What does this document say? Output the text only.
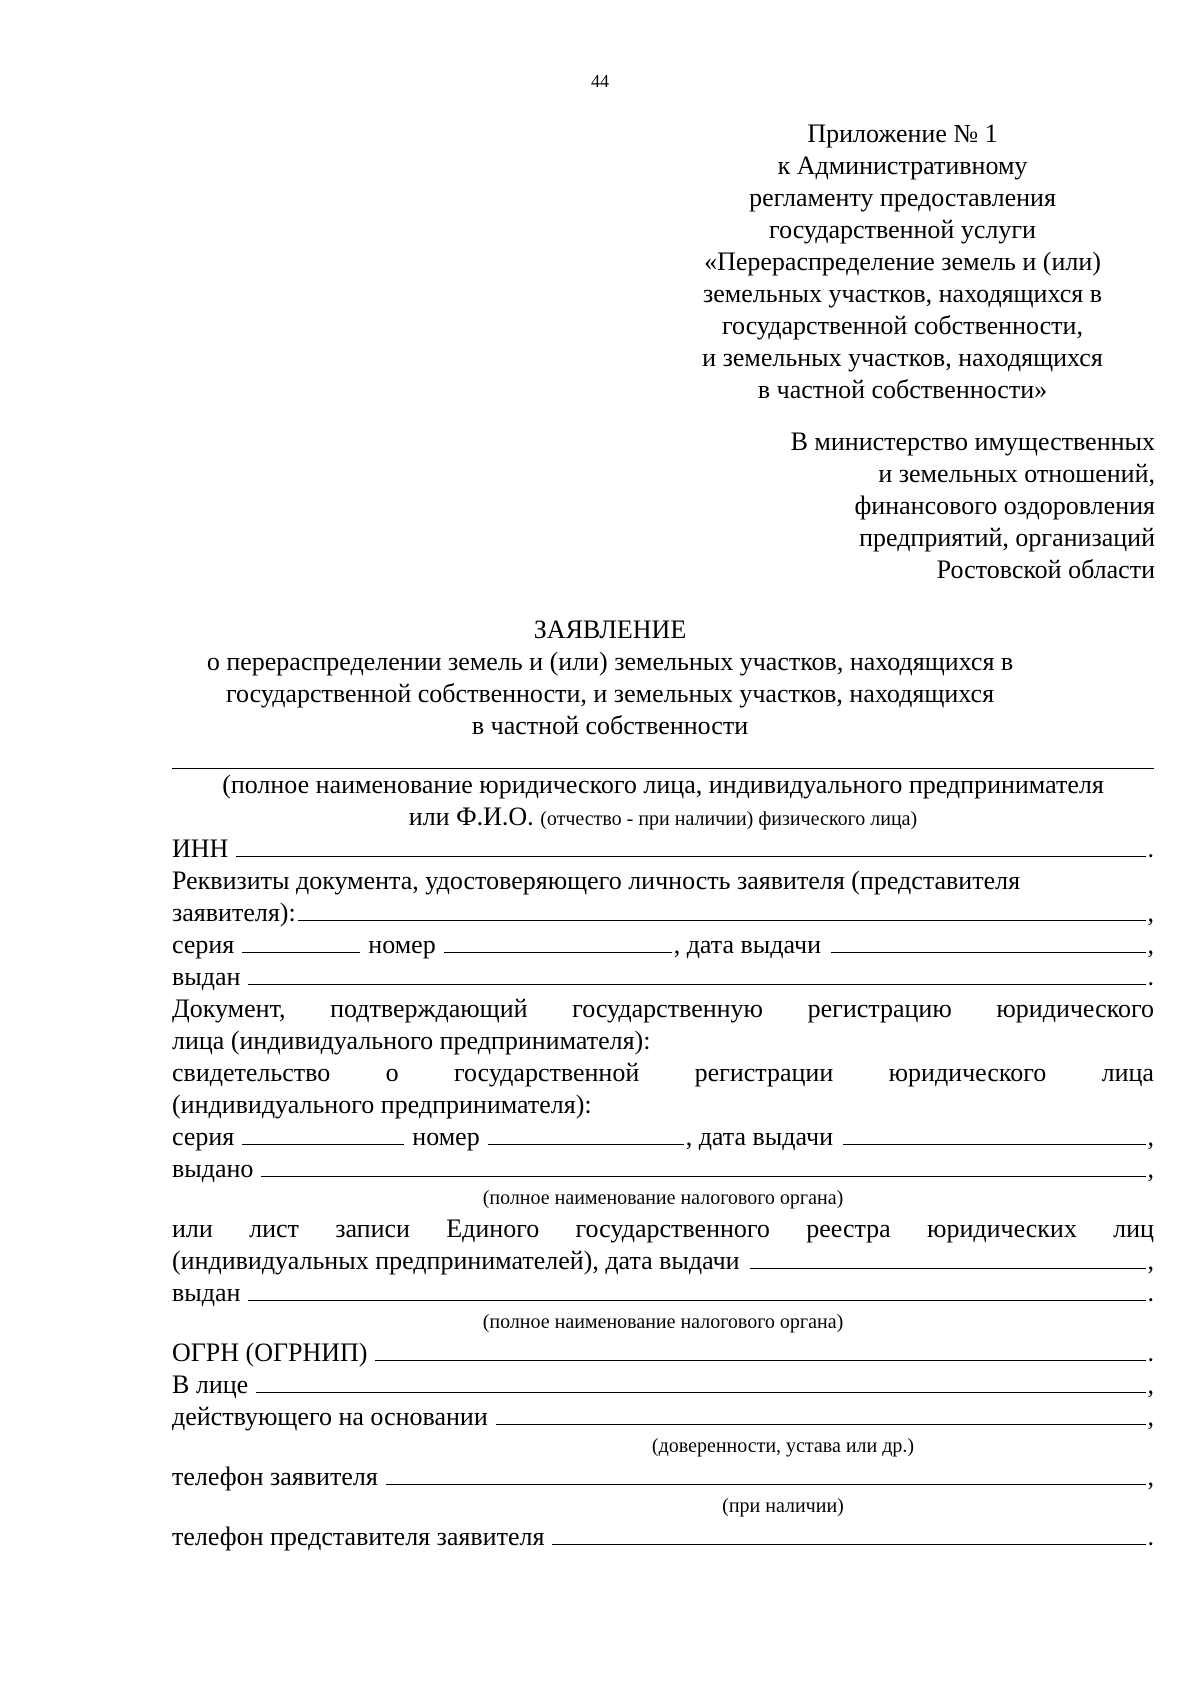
44
Приложение № 1
к Административному
регламенту предоставления
государственной услуги
«Перераспределение земель и (или)
земельных участков, находящихся в
государственной собственности,
и земельных участков, находящихся
в частной собственности»
В министерство имущественных
и земельных отношений,
финансового оздоровления
предприятий, организаций
Ростовской области
ЗАЯВЛЕНИЕ
о перераспределении земель и (или) земельных участков, находящихся в
государственной собственности, и земельных участков, находящихся
в частной собственности
(полное наименование юридического лица, индивидуального предпринимателя
или Ф.И.О. (отчество - при наличии) физического лица)
ИНН	.
Реквизиты документа, удостоверяющего личность заявителя (представителя
заявителя):	,
серия	номер	, дата выдачи	,
выдан	.
Документ, подтверждающий государственную регистрацию юридического
лица (индивидуального предпринимателя):
свидетельство о государственной регистрации юридического лица
(индивидуального предпринимателя):
серия	номер	, дата выдачи	,
выдано	,
(полное наименование налогового органа)
или лист записи Единого государственного реестра юридических лиц
(индивидуальных предпринимателей), дата выдачи	,
выдан	.
(полное наименование налогового органа)
ОГРН (ОГРНИП)	.
В лице	,
действующего на основании	,
(доверенности, устава или др.)
телефон заявителя	,
(при наличии)
телефон представителя заявителя	.
